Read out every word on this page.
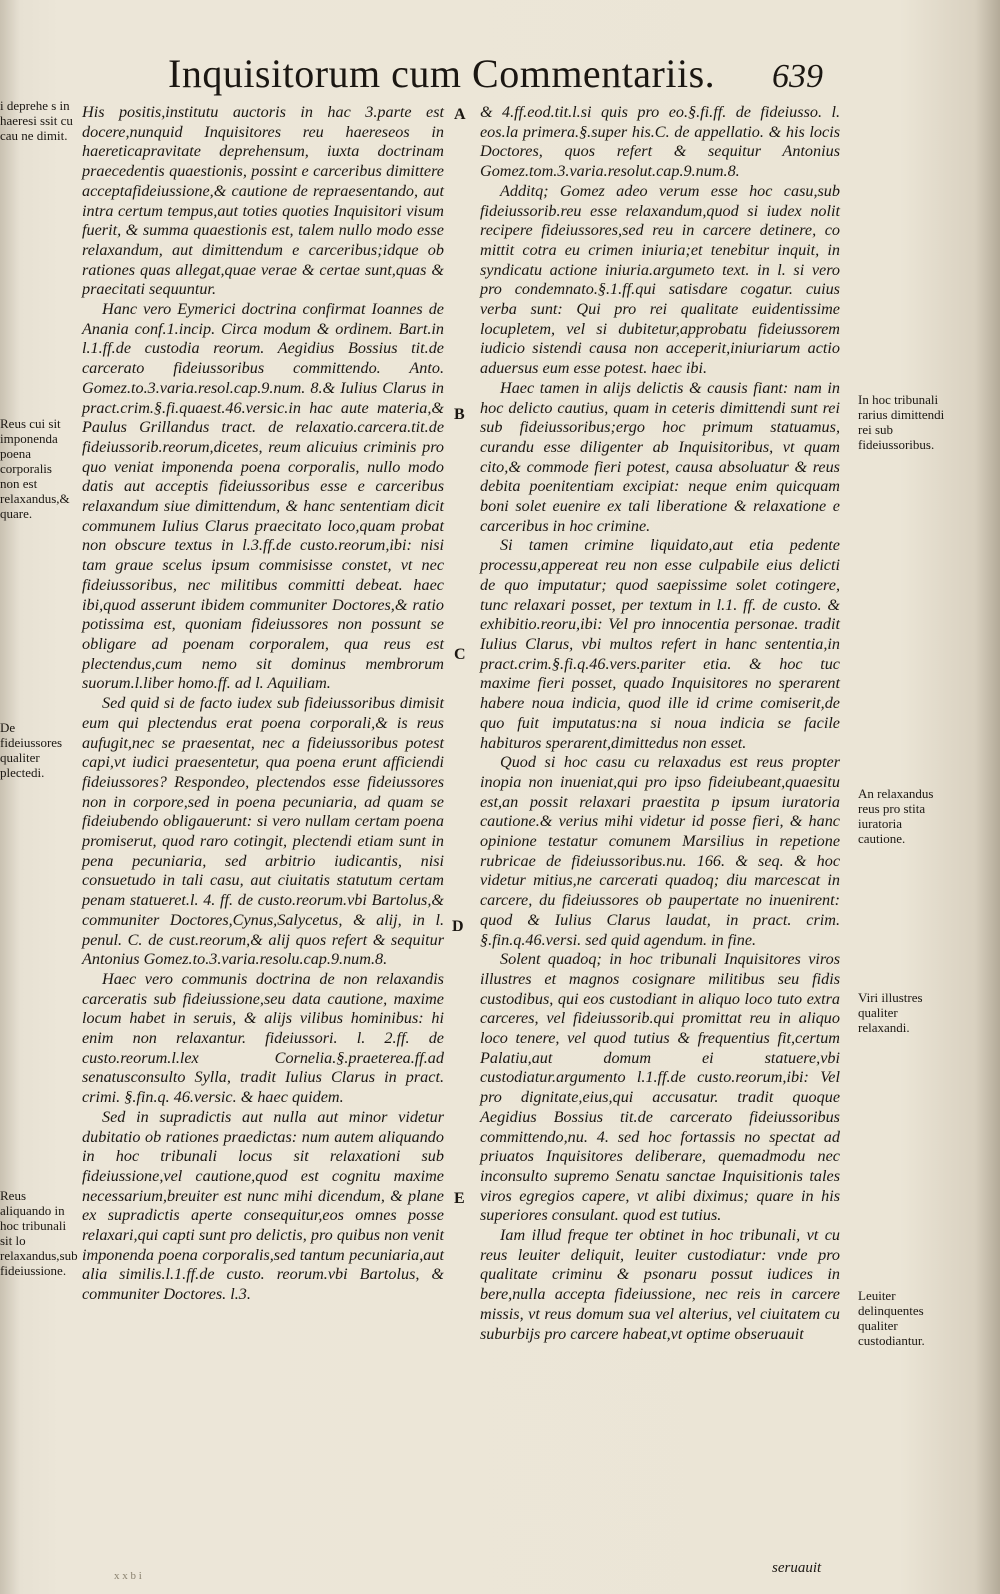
Inquisitorum cum Commentariis.	639
i deprehe s in haeresi ssit cu cau ne dimit.
Reus cui sit imponenda poena corporalis non est relaxandus,& quare.
De fideiussores qualiter plectedi.
Reus aliquando in hoc tribunali sit lo relaxandus,sub fideiussione.
In hoc tribunali rarius dimittendi rei sub fideiussoribus.
An relaxandus reus pro stita iuratoria cautione.
Viri illustres qualiter relaxandi.
Leuiter delinquentes qualiter custodiantur.
A
B
C
D
E

His positis,institutu auctoris in hac 3.parte est docere,nunquid Inquisitores reu haereseos in haereticapravitate deprehensum, iuxta doctrinam praecedentis quaestionis, possint e carceribus dimittere acceptafideiussione,& cautione de repraesentando, aut intra certum tempus,aut toties quoties Inquisitori visum fuerit, & summa quaestionis est, talem nullo modo esse relaxandum, aut dimittendum e carceribus;idque ob rationes quas allegat,quae verae & certae sunt,quas & praecitati sequuntur.

Hanc vero Eymerici doctrina confirmat Ioannes de Anania conf.1.incip. Circa modum & ordinem. Bart.in l.1.ff.de custodia reorum. Aegidius Bossius tit.de carcerato fideiussoribus committendo. Anto. Gomez.to.3.varia.resol.cap.9.num. 8.& Iulius Clarus in pract.crim.§.fi.quaest.46.versic.in hac aute materia,& Paulus Grillandus tract. de relaxatio.carcera.tit.de fideiussorib.reorum,dicetes, reum alicuius criminis pro quo veniat imponenda poena corporalis, nullo modo datis aut acceptis fideiussoribus esse e carceribus relaxandum siue dimittendum, & hanc sententiam dicit communem Iulius Clarus praecitato loco,quam probat non obscure textus in l.3.ff.de custo.reorum,ibi: nisi tam graue scelus ipsum commisisse constet, vt nec fideiussoribus, nec militibus committi debeat. haec ibi,quod asserunt ibidem communiter Doctores,& ratio potissima est, quoniam fideiussores non possunt se obligare ad poenam corporalem, qua reus est plectendus,cum nemo sit dominus membrorum suorum.l.liber homo.ff. ad l. Aquiliam.

Sed quid si de facto iudex sub fideiussoribus dimisit eum qui plectendus erat poena corporali,& is reus aufugit,nec se praesentat, nec a fideiussoribus potest capi,vt iudici praesentetur, qua poena erunt afficiendi fideiussores? Respondeo, plectendos esse fideiussores non in corpore,sed in poena pecuniaria, ad quam se fideiubendo obligauerunt: si vero nullam certam poena promiserut, quod raro cotingit, plectendi etiam sunt in pena pecuniaria, sed arbitrio iudicantis, nisi consuetudo in tali casu, aut ciuitatis statutum certam penam statueret.l. 4. ff. de custo.reorum.vbi Bartolus,& communiter Doctores,Cynus,Salycetus, & alij, in l. penul. C. de cust.reorum,& alij quos refert & sequitur Antonius Gomez.to.3.varia.resolu.cap.9.num.8.

Haec vero communis doctrina de non relaxandis carceratis sub fideiussione,seu data cautione, maxime locum habet in seruis, & alijs vilibus hominibus: hi enim non relaxantur. fideiussori. l. 2.ff. de custo.reorum.l.lex Cornelia.§.praeterea.ff.ad senatusconsulto Sylla, tradit Iulius Clarus in pract. crimi. §.fin.q. 46.versic. & haec quidem.

Sed in supradictis aut nulla aut minor videtur dubitatio ob rationes praedictas: num autem aliquando in hoc tribunali locus sit relaxationi sub fideiussione,vel cautione,quod est cognitu maxime necessarium,breuiter est nunc mihi dicendum, & plane ex supradictis aperte consequitur,eos omnes posse relaxari,qui capti sunt pro delictis, pro quibus non venit imponenda poena corporalis,sed tantum pecuniaria,aut alia similis.l.1.ff.de custo. reorum.vbi Bartolus, & communiter Doctores. l.3.

& 4.ff.eod.tit.l.si quis pro eo.§.fi.ff. de fideiusso. l. eos.la primera.§.super his.C. de appellatio. & his locis Doctores, quos refert & sequitur Antonius Gomez.tom.3.varia.resolut.cap.9.num.8.

Additq; Gomez adeo verum esse hoc casu,sub fideiussorib.reu esse relaxandum,quod si iudex nolit recipere fideiussores,sed reu in carcere detinere, co mittit cotra eu crimen iniuria;et tenebitur inquit, in syndicatu actione iniuria.argumeto text. in l. si vero pro condemnato.§.1.ff.qui satisdare cogatur. cuius verba sunt: Qui pro rei qualitate euidentissime locupletem, vel si dubitetur,approbatu fideiussorem iudicio sistendi causa non acceperit,iniuriarum actio aduersus eum esse potest. haec ibi.

Haec tamen in alijs delictis & causis fiant: nam in hoc delicto cautius, quam in ceteris dimittendi sunt rei sub fideiussoribus;ergo hoc primum statuamus, curandu esse diligenter ab Inquisitoribus, vt quam cito,& commode fieri potest, causa absoluatur & reus debita poenitentiam excipiat: neque enim quicquam boni solet euenire ex tali liberatione & relaxatione e carceribus in hoc crimine.

Si tamen crimine liquidato,aut etia pedente processu,appereat reu non esse culpabile eius delicti de quo imputatur; quod saepissime solet cotingere, tunc relaxari posset, per textum in l.1. ff. de custo. & exhibitio.reoru,ibi: Vel pro innocentia personae. tradit Iulius Clarus, vbi multos refert in hanc sententia,in pract.crim.§.fi.q.46.vers.pariter etia. & hoc tuc maxime fieri posset, quado Inquisitores no sperarent habere noua indicia, quod ille id crime comiserit,de quo fuit imputatus:na si noua indicia se facile habituros sperarent,dimittedus non esset.

Quod si hoc casu cu relaxadus est reus propter inopia non inueniat,qui pro ipso fideiubeant,quaesitu est,an possit relaxari praestita p ipsum iuratoria cautione.& verius mihi videtur id posse fieri, & hanc opinione testatur comunem Marsilius in repetione rubricae de fideiussoribus.nu. 166. & seq. & hoc videtur mitius,ne carcerati quadoq; diu marcescat in carcere, du fideiussores ob paupertate no inuenirent: quod & Iulius Clarus laudat, in pract. crim. §.fin.q.46.versi. sed quid agendum. in fine.

Solent quadoq; in hoc tribunali Inquisitores viros illustres et magnos cosignare militibus seu fidis custodibus, qui eos custodiant in aliquo loco tuto extra carceres, vel fideiussorib.qui promittat reu in aliquo loco tenere, vel quod tutius & frequentius fit,certum Palatiu,aut domum ei statuere,vbi custodiatur.argumento l.1.ff.de custo.reorum,ibi: Vel pro dignitate,eius,qui accusatur. tradit quoque Aegidius Bossius tit.de carcerato fideiussoribus committendo,nu. 4. sed hoc fortassis no spectat ad priuatos Inquisitores deliberare, quemadmodu nec inconsulto supremo Senatu sanctae Inquisitionis tales viros egregios capere, vt alibi diximus; quare in his superiores consulant. quod est tutius.

Iam illud freque ter obtinet in hoc tribunali, vt cu reus leuiter deliquit, leuiter custodiatur: vnde pro qualitate criminu & psonaru possut iudices in bere,nulla accepta fideiussione, nec reis in carcere missis, vt reus domum sua vel alterius, vel ciuitatem cu suburbijs pro carcere habeat,vt optime obseruauit

seruauit
x x b i
